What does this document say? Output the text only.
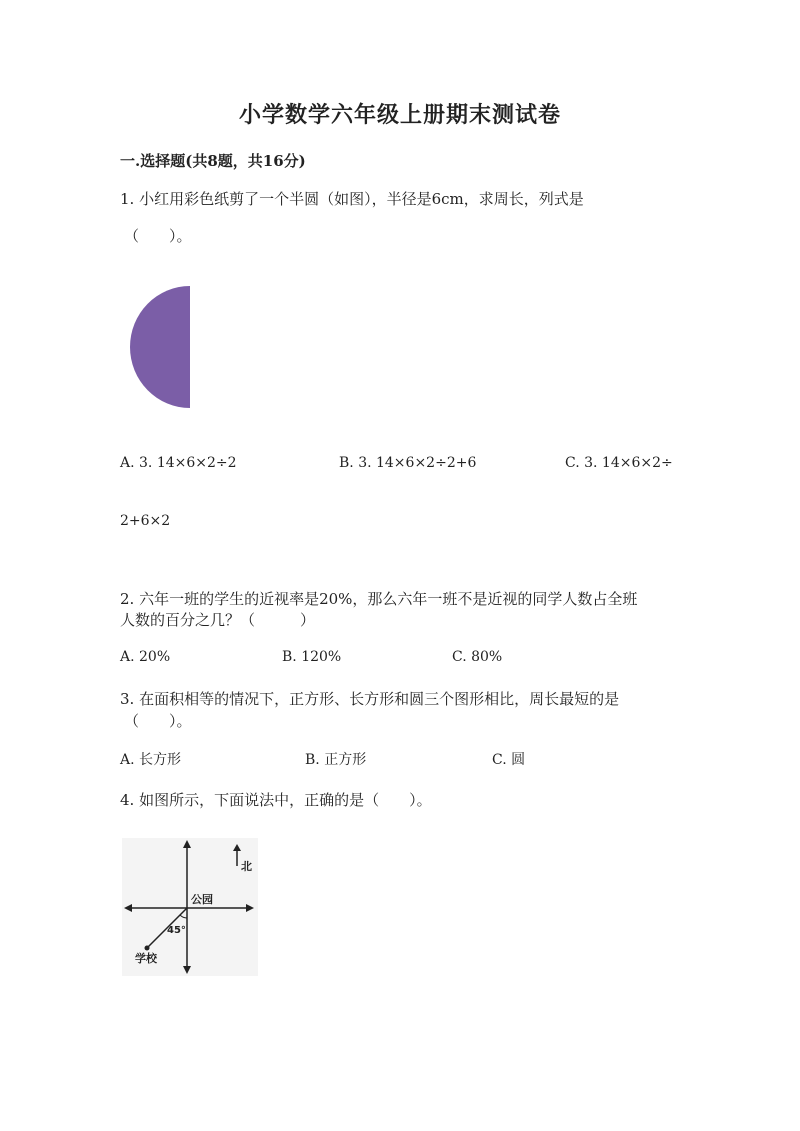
小学数学六年级上册期末测试卷
一.选择题(共8题，共16分)
1. 小红用彩色纸剪了一个半圆（如图），半径是6cm，求周长，列式是
（　　）。
A. 3. 14×6×2÷2	B. 3. 14×6×2÷2+6	C. 3. 14×6×2÷
2+6×2
2. 六年一班的学生的近视率是20%，那么六年一班不是近视的同学人数占全班
人数的百分之几？（　　　）
A. 20%	B. 120%	C. 80%
3. 在面积相等的情况下，正方形、长方形和圆三个图形相比，周长最短的是
（　　）。
A. 长方形	B. 正方形	C. 圆
4. 如图所示，下面说法中，正确的是（　　）。
北
公园
45°
学校
